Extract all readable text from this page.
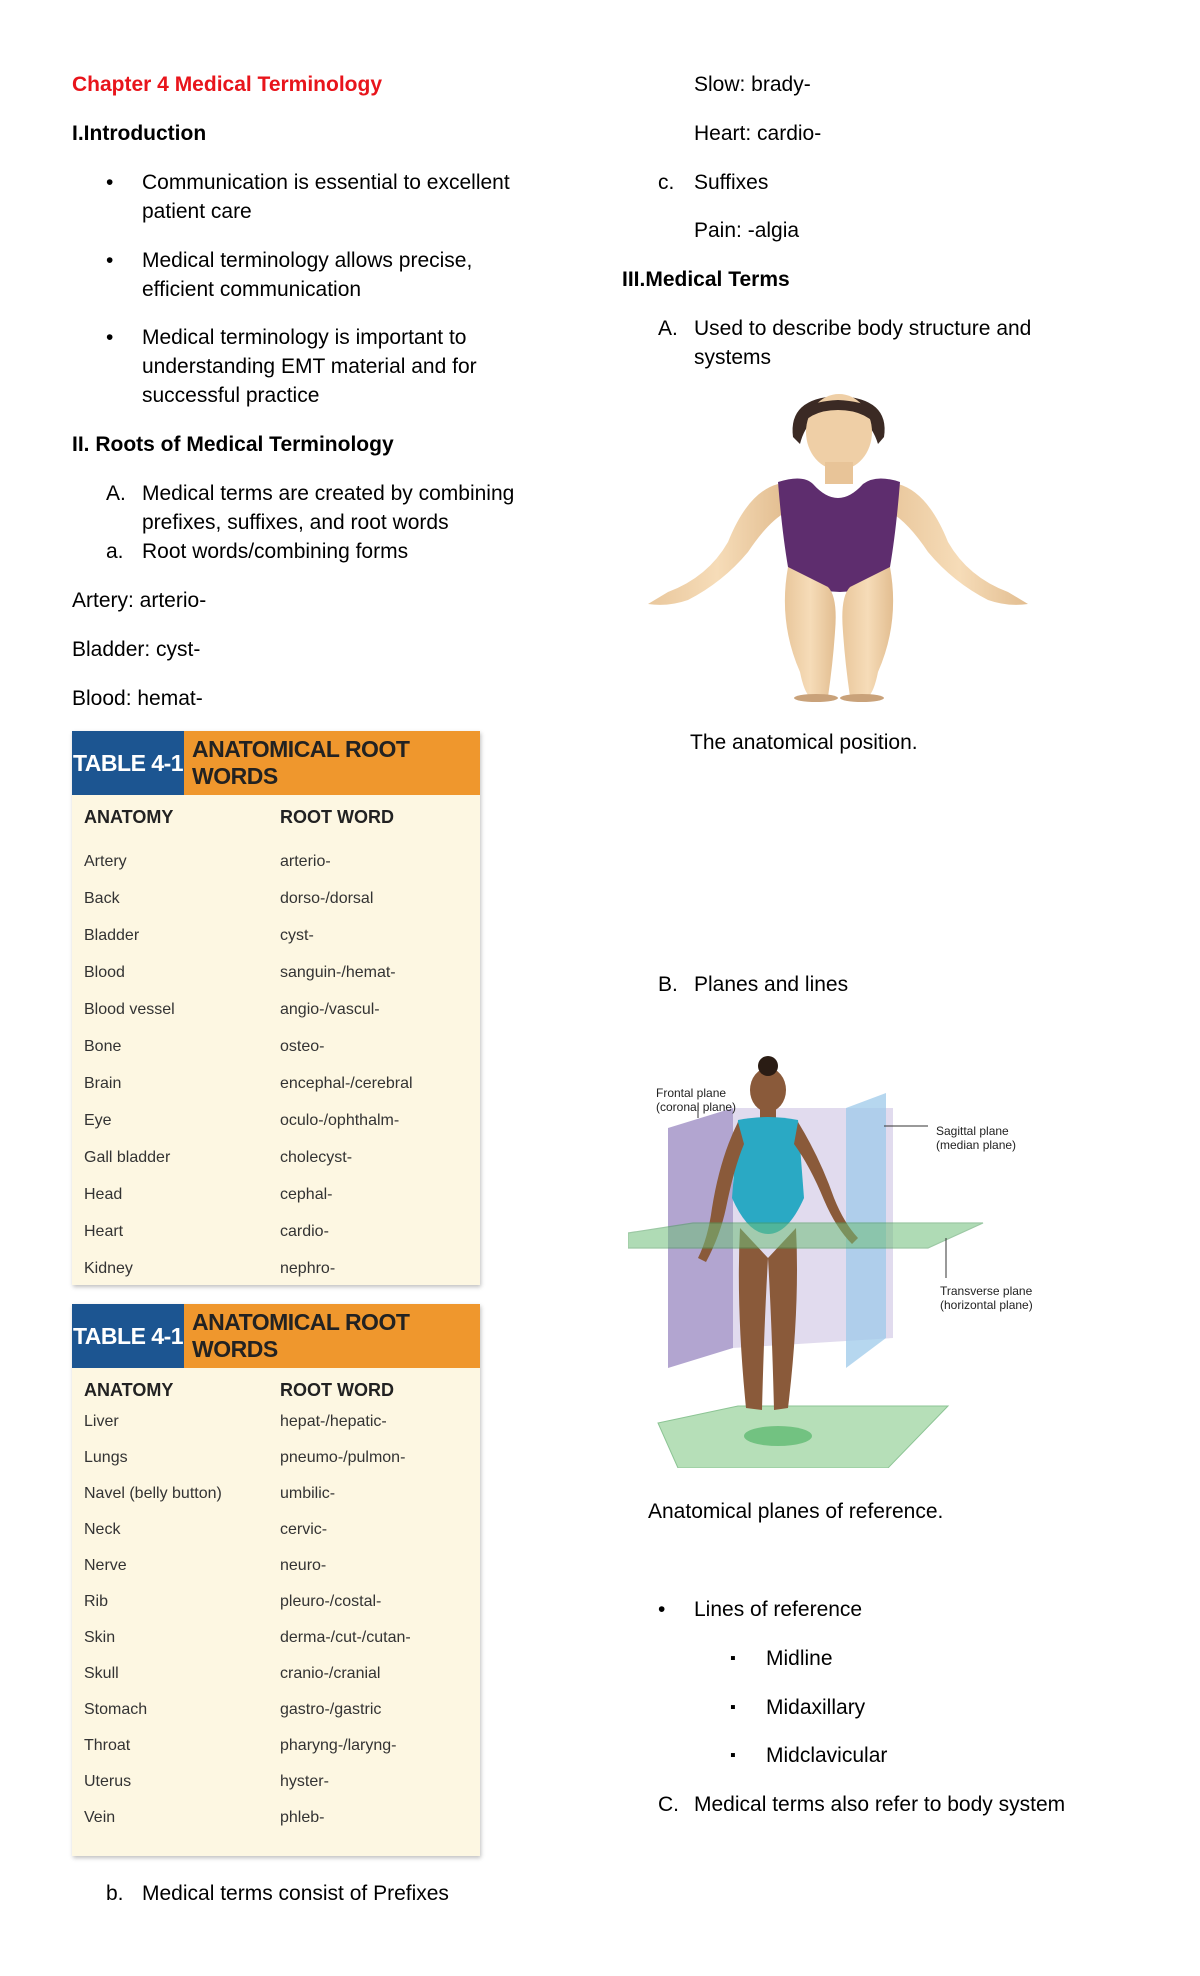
Chapter 4 Medical Terminology
I.Introduction
• Communication is essential to excellent patient care
• Medical terminology allows precise, efficient communication
• Medical terminology is important to understanding EMT material and for successful practice
II. Roots of Medical Terminology
A. Medical terms are created by combining prefixes, suffixes, and root words
a. Root words/combining forms
Artery: arterio-
Bladder: cyst-
Blood: hemat-
TABLE 4-1
ANATOMICAL ROOT WORDS
ANATOMY	ROOT WORD
Artery	arterio-
Back	dorso-/dorsal
Bladder	cyst-
Blood	sanguin-/hemat-
Blood vessel	angio-/vascul-
Bone	osteo-
Brain	encephal-/cerebral
Eye	oculo-/ophthalm-
Gall bladder	cholecyst-
Head	cephal-
Heart	cardio-
Kidney	nephro-
TABLE 4-1
ANATOMICAL ROOT WORDS
ANATOMY	ROOT WORD
Liver	hepat-/hepatic-
Lungs	pneumo-/pulmon-
Navel (belly button)	umbilic-
Neck	cervic-
Nerve	neuro-
Rib	pleuro-/costal-
Skin	derma-/cut-/cutan-
Skull	cranio-/cranial
Stomach	gastro-/gastric
Throat	pharyng-/laryng-
Uterus	hyster-
Vein	phleb-
b. Medical terms consist of Prefixes
Slow: brady-
Heart: cardio-
c. Suffixes
Pain: -algia
III.Medical Terms
A. Used to describe body structure and systems
The anatomical position.
B. Planes and lines
Frontal plane
(coronal plane)
Sagittal plane
(median plane)
Transverse plane
(horizontal plane)
Anatomical planes of reference.
• Lines of reference
▪ Midline
▪ Midaxillary
▪ Midclavicular
C. Medical terms also refer to body system
